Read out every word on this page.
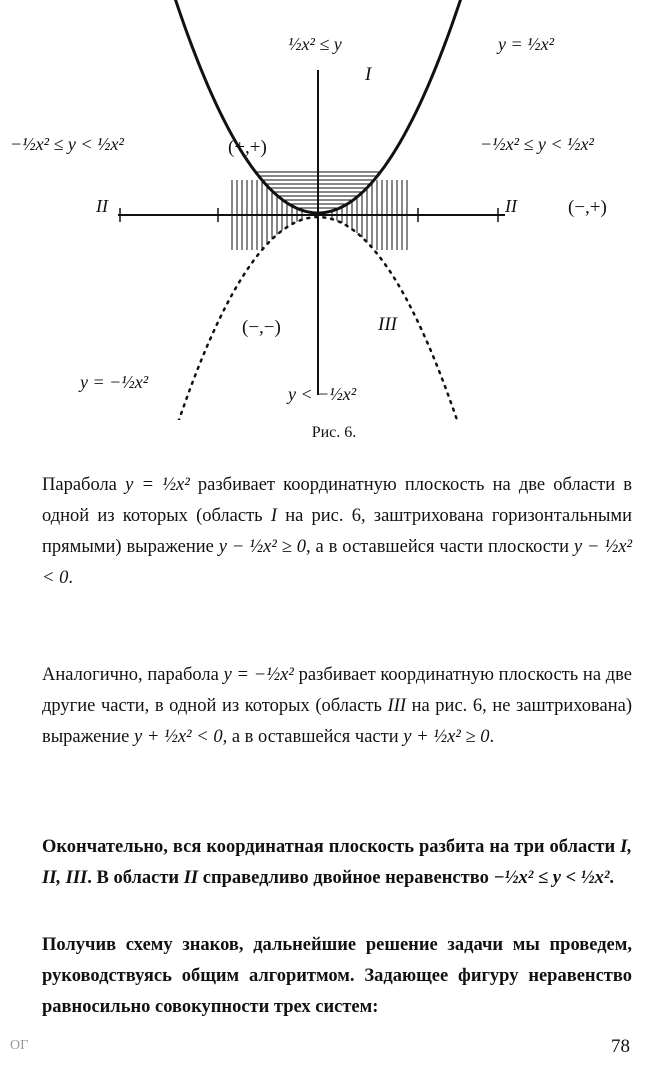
½x² ≤ y
I
y = ½x²
−½x² ≤ y < ½x²	−½x² ≤ y < ½x²
(+,+)
II	II	(−,+)
(−,−)	III
y = −½x²
y < −½x²
Рис. 6.
Парабола y = ½x² разбивает координатную плоскость на две области в одной из которых (область I на рис. 6, заштрихована горизонтальными прямыми) выражение y − ½x² ≥ 0, а в оставшейся части плоскости y − ½x² < 0.
Аналогично, парабола y = −½x² разбивает координатную плоскость на две другие части, в одной из которых (область III на рис. 6, не заштрихована) выражение y + ½x² < 0, а в оставшейся части y + ½x² ≥ 0.
Окончательно, вся координатная плоскость разбита на три области I, II, III. В области II справедливо двойное неравенство −½x² ≤ y < ½x².
Получив схему знаков, дальнейшие решение задачи мы проведем, руководствуясь общим алгоритмом. Задающее фигуру неравенство равносильно совокупности трех систем:
ОГ	78
